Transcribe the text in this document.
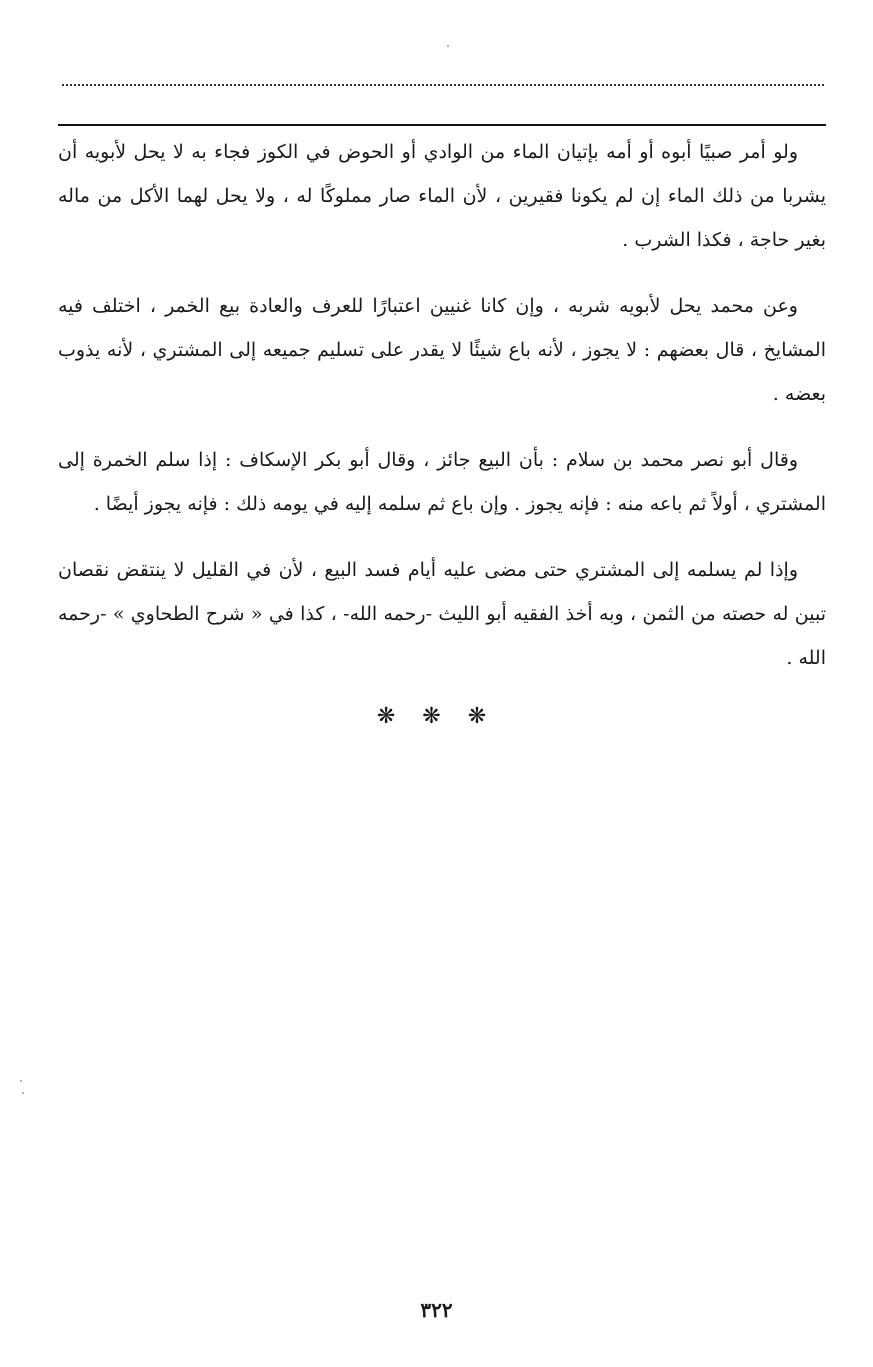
ولو أمر صبيًا أبوه أو أمه بإتيان الماء من الوادي أو الحوض في الكوز فجاء به لا يحل لأبويه أن يشربا من ذلك الماء إن لم يكونا فقيرين ، لأن الماء صار مملوكًا له ، ولا يحل لهما الأكل من ماله بغير حاجة ، فكذا الشرب .

وعن محمد يحل لأبويه شربه ، وإن كانا غنيين اعتبارًا للعرف والعادة بيع الخمر ، اختلف فيه المشايخ ، قال بعضهم : لا يجوز ، لأنه باع شيئًا لا يقدر على تسليم جميعه إلى المشتري ، لأنه يذوب بعضه .

وقال أبو نصر محمد بن سلام : بأن البيع جائز ، وقال أبو بكر الإسكاف : إذا سلم الخمرة إلى المشتري ، أولاً ثم باعه منه : فإنه يجوز . وإن باع ثم سلمه إليه في يومه ذلك : فإنه يجوز أيضًا .

وإذا لم يسلمه إلى المشتري حتى مضى عليه أيام فسد البيع ، لأن في القليل لا ينتقض نقصان تبين له حصته من الثمن ، وبه أخذ الفقيه أبو الليث -رحمه الله- ، كذا في « شرح الطحاوي » -رحمه الله .

❋ ❋ ❋
٣٢٢
